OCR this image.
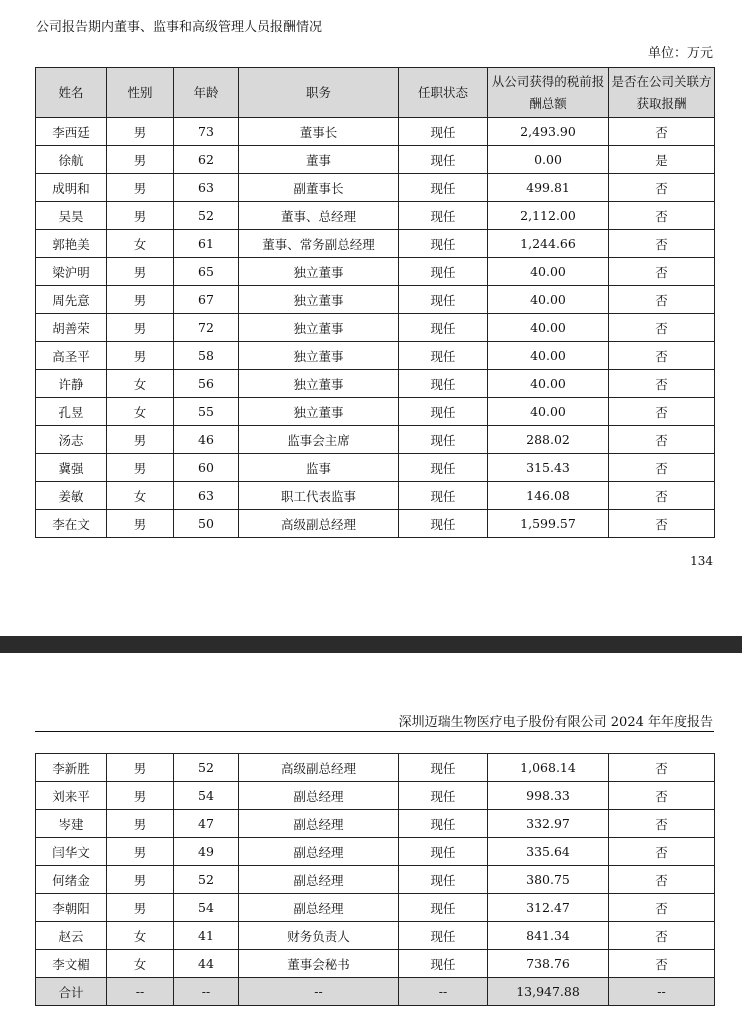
公司报告期内董事、监事和高级管理人员报酬情况
单位：万元
姓名	性别	年龄	职务	任职状态	从公司获得的税前报酬总额	是否在公司关联方获取报酬
李西廷	男	73	董事长	现任	2,493.90	否
徐航	男	62	董事	现任	0.00	是
成明和	男	63	副董事长	现任	499.81	否
吴昊	男	52	董事、总经理	现任	2,112.00	否
郭艳美	女	61	董事、常务副总经理	现任	1,244.66	否
梁沪明	男	65	独立董事	现任	40.00	否
周先意	男	67	独立董事	现任	40.00	否
胡善荣	男	72	独立董事	现任	40.00	否
高圣平	男	58	独立董事	现任	40.00	否
许静	女	56	独立董事	现任	40.00	否
孔昱	女	55	独立董事	现任	40.00	否
汤志	男	46	监事会主席	现任	288.02	否
冀强	男	60	监事	现任	315.43	否
姜敏	女	63	职工代表监事	现任	146.08	否
李在文	男	50	高级副总经理	现任	1,599.57	否
134
深圳迈瑞生物医疗电子股份有限公司 2024 年年度报告
李新胜	男	52	高级副总经理	现任	1,068.14	否
刘来平	男	54	副总经理	现任	998.33	否
岑建	男	47	副总经理	现任	332.97	否
闫华文	男	49	副总经理	现任	335.64	否
何绪金	男	52	副总经理	现任	380.75	否
李朝阳	男	54	副总经理	现任	312.47	否
赵云	女	41	财务负责人	现任	841.34	否
李文楣	女	44	董事会秘书	现任	738.76	否
合计	--	--	--	--	13,947.88	--
